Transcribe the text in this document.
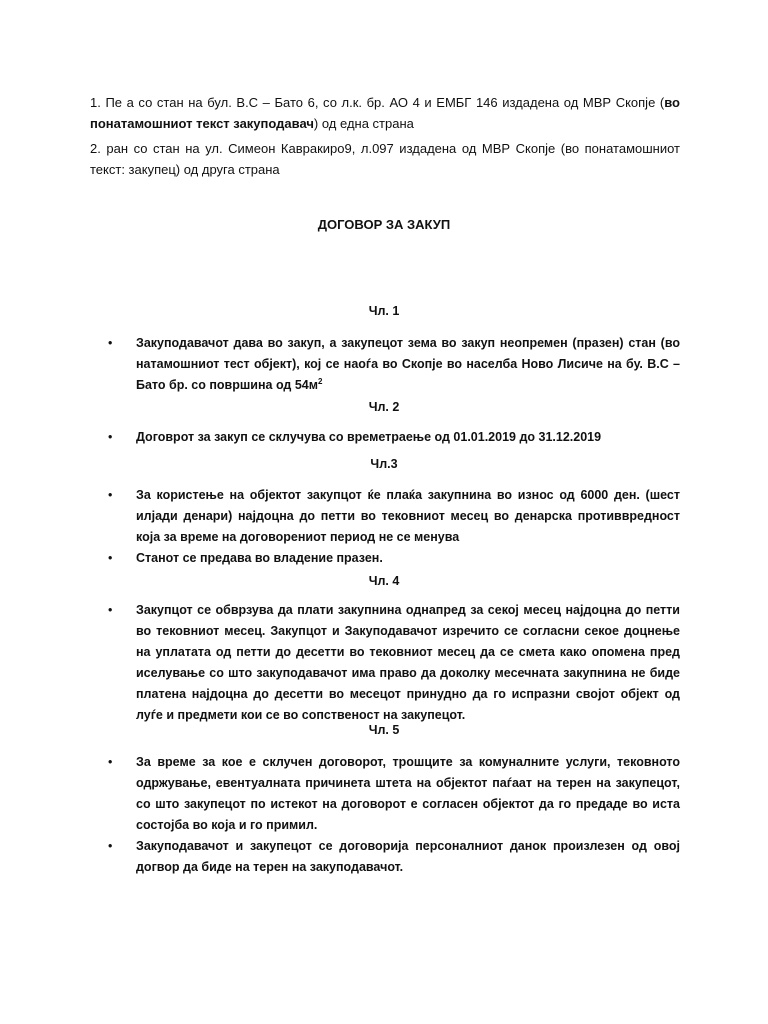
1. Пе а со стан на бул. В.С – Бато 6, со л.к. бр. АО 4 и ЕМБГ 146 издадена од МВР Скопје (во понатамошниот текст закуподавач) од една страна

2. ран со стан на ул. Симеон Кавракиро9, л.097 издадена од МВР Скопје (во понатамошниот текст: закупец) од друга страна

ДОГОВОР ЗА ЗАКУП
Чл. 1
• Закуподавачот дава во закуп, а закупецот зема во закуп неопремен (празен) стан (во натамошниот тест објект), кој се наоѓа во Скопје во населба Ново Лисиче на бу. В.С – Бато бр. со површина од $54м^2$
Чл. 2
• Договрот за закуп се склучува со времетраење од 01.01.2019 до 31.12.2019
Чл.3
• За користење на објектот закупцот ќе плаќа закупнина во износ од 6000 ден. (шест илјади денари) најдоцна до петти во тековниот месец во денарска противвредност која за време на договорениот период не се менува
• Станот се предава во владение празен.
Чл. 4
• Закупцот се обврзува да плати закупнина однапред за секој месец најдоцна до петти во тековниот месец. Закупцот и Закуподавачот изречито се согласни секое доцнење на уплатата од петти до десетти во тековниот месец да се смета како опомена пред иселување со што закуподавачот има право да доколку месечната закупнина не биде платена најдоцна до десетти во месецот принудно да го испразни својот објект од луѓе и предмети кои се во сопственост на закупецот.
Чл. 5
• За време за кое е склучен договорот, трошците за комуналните услуги, тековното одржување, евентуалната причинета штета на објектот паѓаат на терен на закупецот, со што закупецот по истекот на договорот е согласен објектот да го предаде во иста состојба во која и го примил.
• Закуподавачот и закупецот се договорија персоналниот данок произлезен од овој догвор да биде на терен на закуподавачот.
